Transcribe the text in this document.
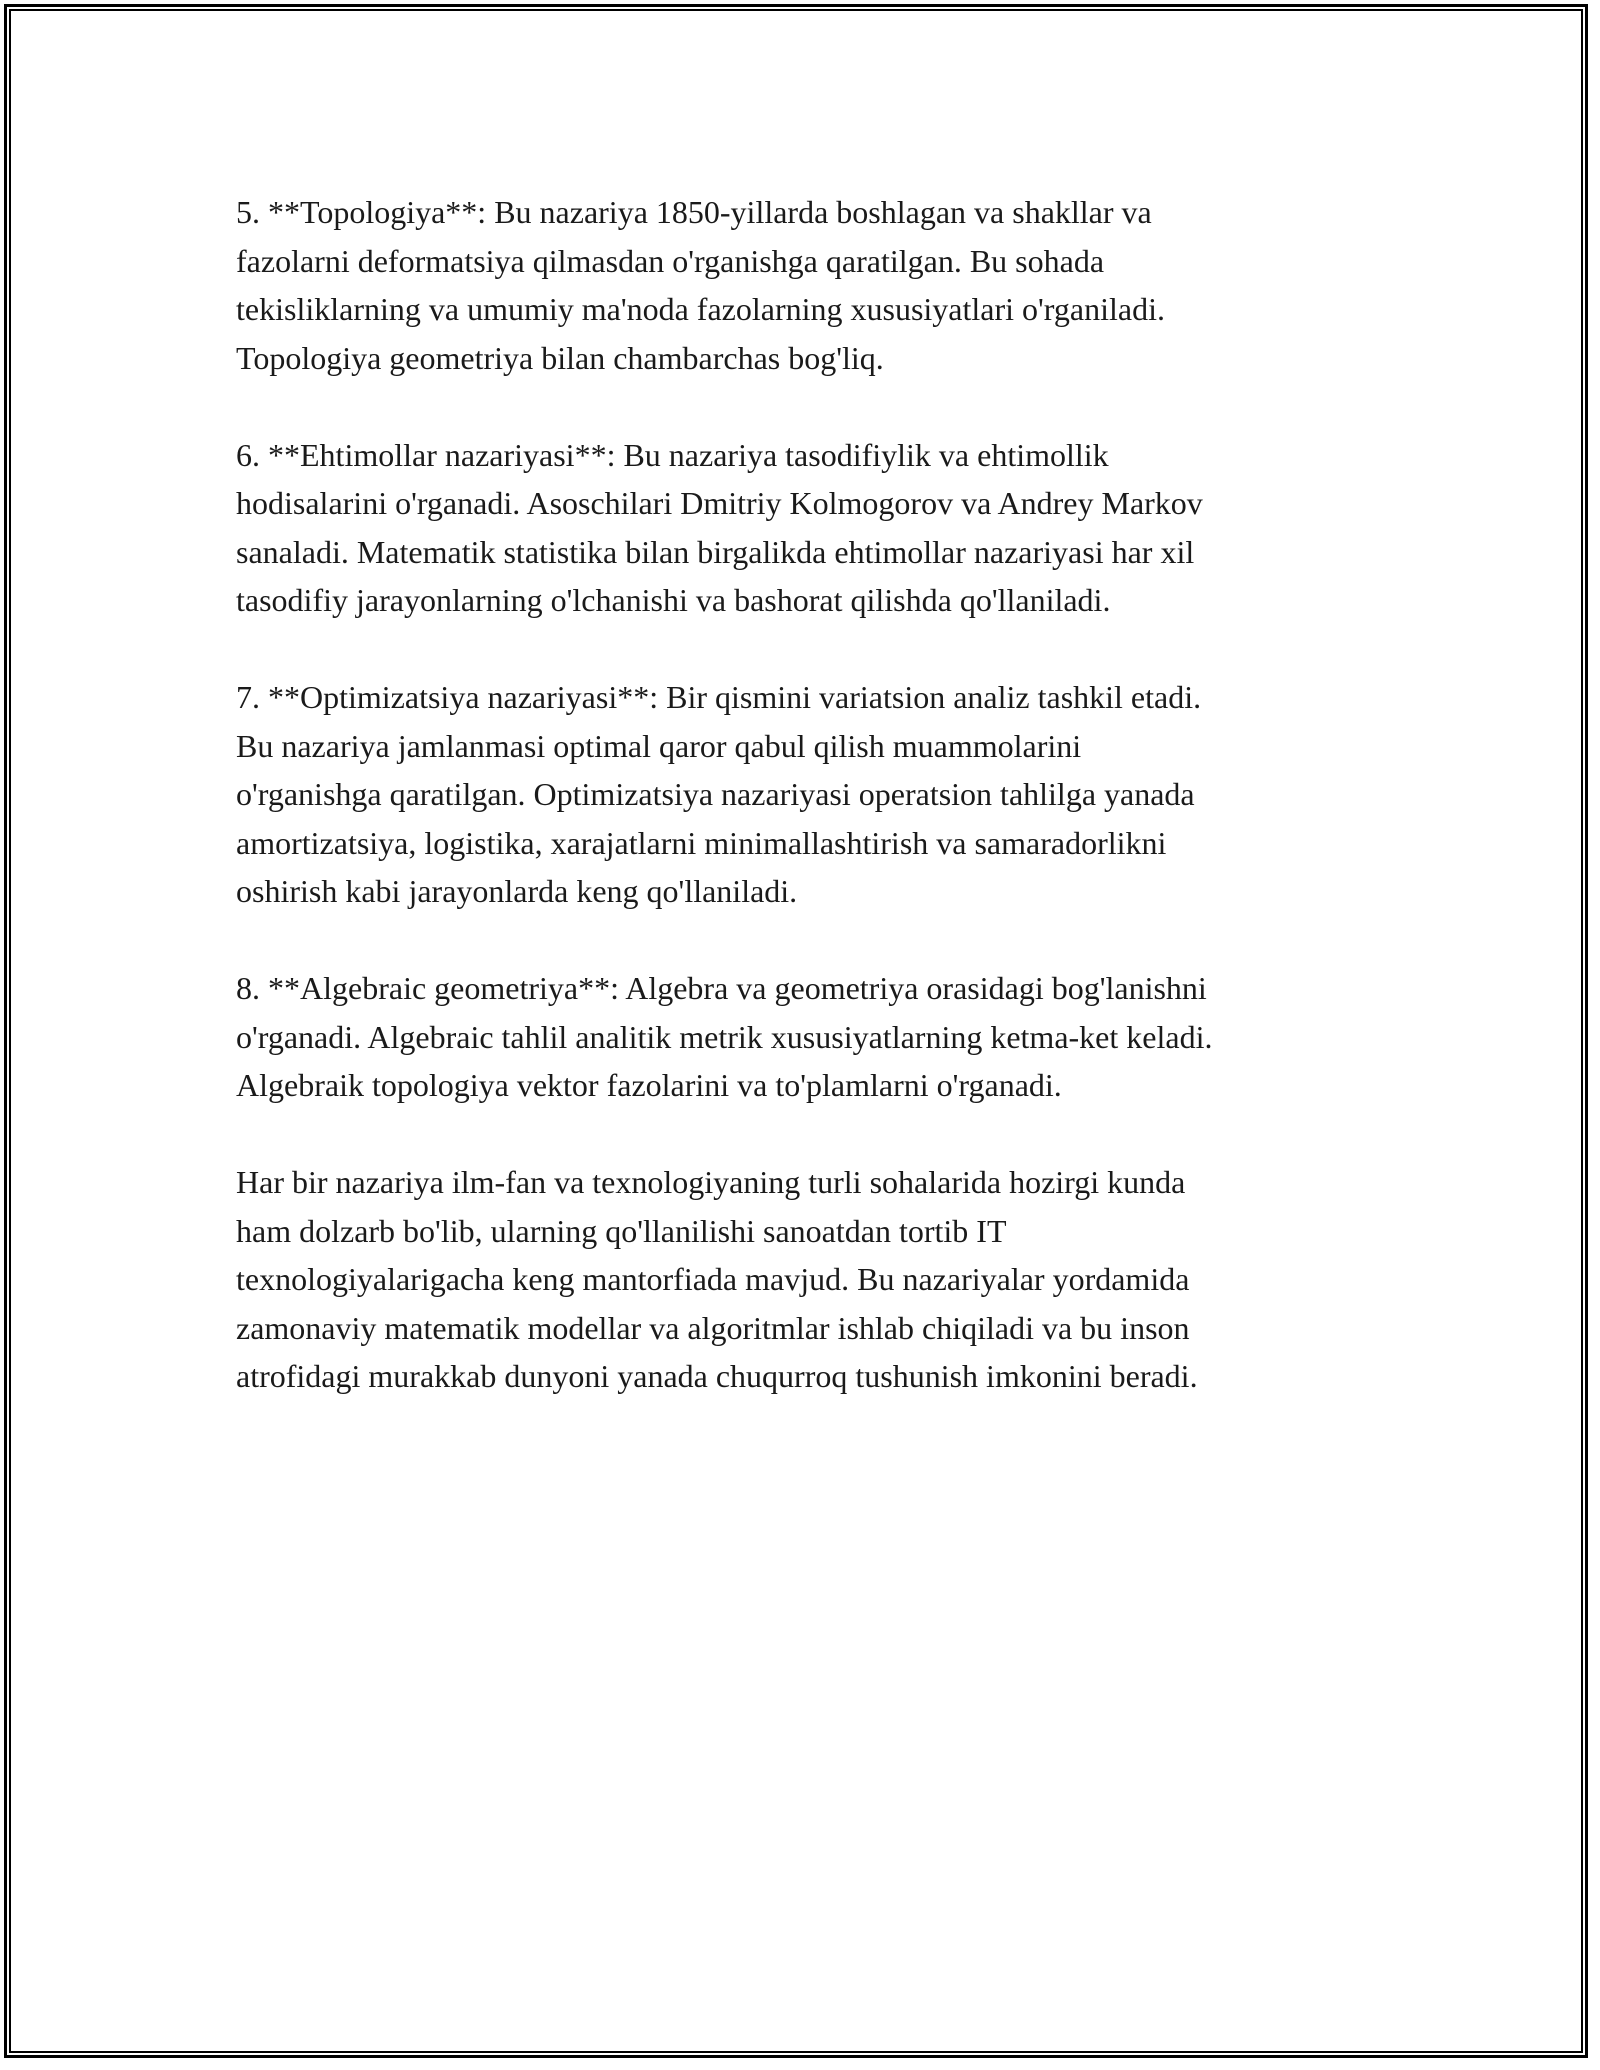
5. **Topologiya**: Bu nazariya 1850-yillarda boshlagan va shakllar va
fazolarni deformatsiya qilmasdan o'rganishga qaratilgan. Bu sohada
tekisliklarning va umumiy ma'noda fazolarning xususiyatlari o'rganiladi.
Topologiya geometriya bilan chambarchas bog'liq.

6. **Ehtimollar nazariyasi**: Bu nazariya tasodifiylik va ehtimollik
hodisalarini o'rganadi. Asoschilari Dmitriy Kolmogorov va Andrey Markov
sanaladi. Matematik statistika bilan birgalikda ehtimollar nazariyasi har xil
tasodifiy jarayonlarning o'lchanishi va bashorat qilishda qo'llaniladi.

7. **Optimizatsiya nazariyasi**: Bir qismini variatsion analiz tashkil etadi.
Bu nazariya jamlanmasi optimal qaror qabul qilish muammolarini
o'rganishga qaratilgan. Optimizatsiya nazariyasi operatsion tahlilga yanada
amortizatsiya, logistika, xarajatlarni minimallashtirish va samaradorlikni
oshirish kabi jarayonlarda keng qo'llaniladi.

8. **Algebraic geometriya**: Algebra va geometriya orasidagi bog'lanishni
o'rganadi. Algebraic tahlil analitik metrik xususiyatlarning ketma-ket keladi.
Algebraik topologiya vektor fazolarini va to'plamlarni o'rganadi.

Har bir nazariya ilm-fan va texnologiyaning turli sohalarida hozirgi kunda
ham dolzarb bo'lib, ularning qo'llanilishi sanoatdan tortib IT
texnologiyalarigacha keng mantorfiada mavjud. Bu nazariyalar yordamida
zamonaviy matematik modellar va algoritmlar ishlab chiqiladi va bu inson
atrofidagi murakkab dunyoni yanada chuqurroq tushunish imkonini beradi.
